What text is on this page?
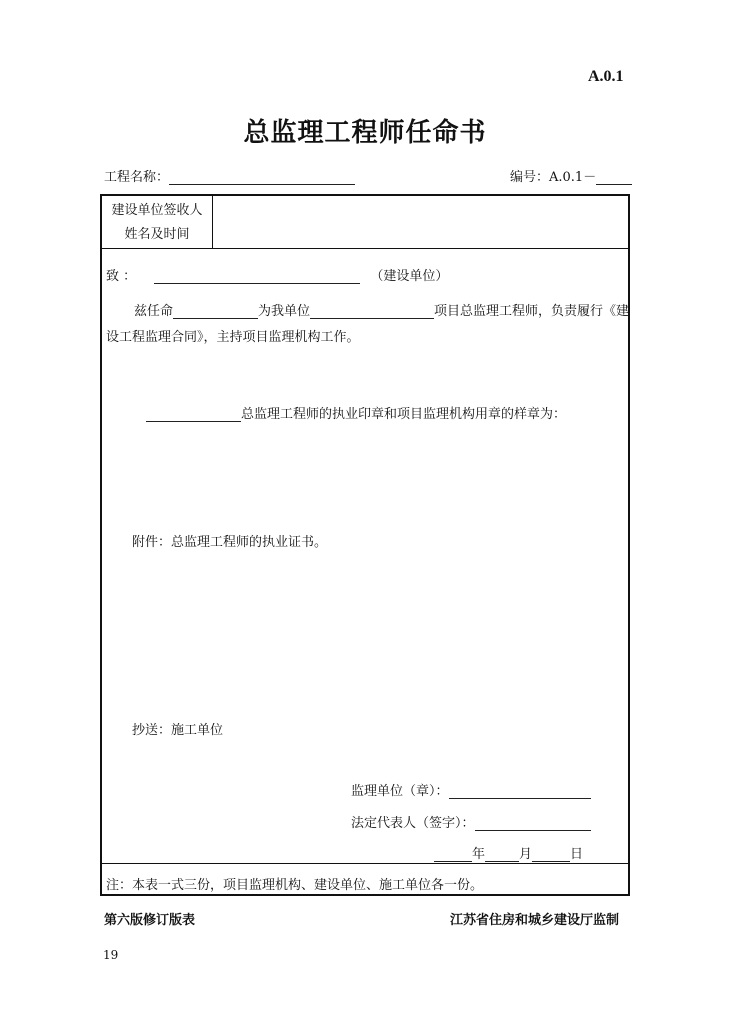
A.0.1
总监理工程师任命书
工程名称：	编号：A.0.1－
建设单位签收人
姓名及时间
致 ：	（建设单位）
兹任命	为我单位	项目总监理工程师，负责履行《建
设工程监理合同》，主持项目监理机构工作。
总监理工程师的执业印章和项目监理机构用章的样章为：
附件：总监理工程师的执业证书。
抄送：施工单位
监理单位（章）：
法定代表人（签字）：
年	月	日
注：本表一式三份，项目监理机构、建设单位、施工单位各一份。
第六版修订版表	江苏省住房和城乡建设厅监制
19
